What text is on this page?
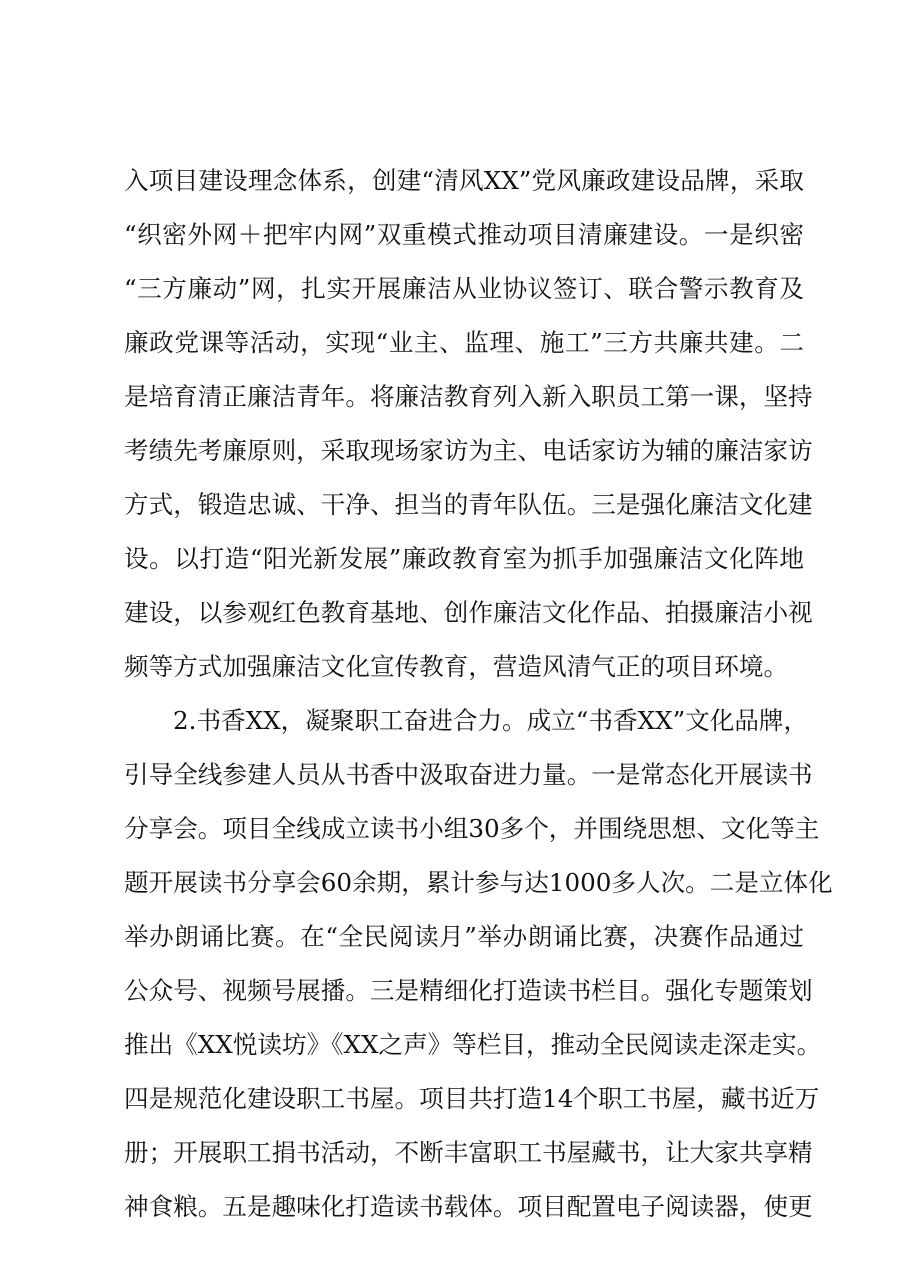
入项目建设理念体系，创建“清风XX”党风廉政建设品牌，采取
“织密外网＋把牢内网”双重模式推动项目清廉建设。一是织密
“三方廉动”网，扎实开展廉洁从业协议签订、联合警示教育及
廉政党课等活动，实现“业主、监理、施工”三方共廉共建。二
是培育清正廉洁青年。将廉洁教育列入新入职员工第一课，坚持
考绩先考廉原则，采取现场家访为主、电话家访为辅的廉洁家访
方式，锻造忠诚、干净、担当的青年队伍。三是强化廉洁文化建
设。以打造“阳光新发展”廉政教育室为抓手加强廉洁文化阵地
建设，以参观红色教育基地、创作廉洁文化作品、拍摄廉洁小视
频等方式加强廉洁文化宣传教育，营造风清气正的项目环境。
2.书香XX，凝聚职工奋进合力。成立“书香XX”文化品牌，
引导全线参建人员从书香中汲取奋进力量。一是常态化开展读书
分享会。项目全线成立读书小组30多个，并围绕思想、文化等主
题开展读书分享会60余期，累计参与达1000多人次。二是立体化
举办朗诵比赛。在“全民阅读月”举办朗诵比赛，决赛作品通过
公众号、视频号展播。三是精细化打造读书栏目。强化专题策划
推出《XX悦读坊》《XX之声》等栏目，推动全民阅读走深走实。
四是规范化建设职工书屋。项目共打造14个职工书屋，藏书近万
册；开展职工捐书活动，不断丰富职工书屋藏书，让大家共享精
神食粮。五是趣味化打造读书载体。项目配置电子阅读器，使更
